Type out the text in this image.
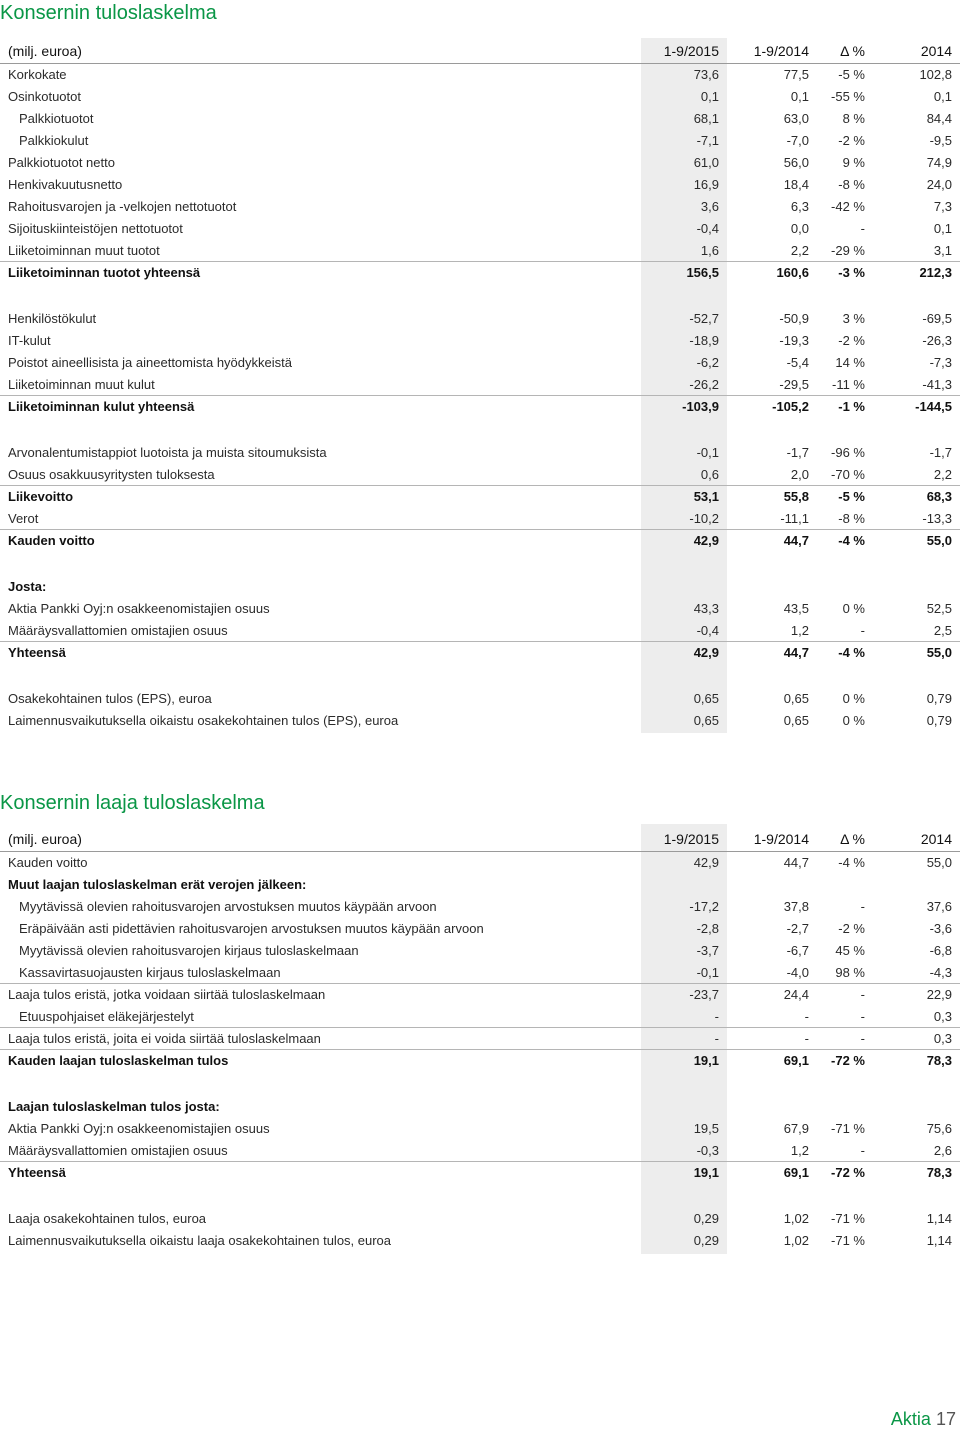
Konsernin tuloslaskelma
(milj. euroa)	1-9/2015 1-9/2014 Δ %	2014
Korkokate	73,6	77,5 -5 %	102,8
Osinkotuotot	0,1	0,1 -55 %	0,1
Palkkiotuotot	68,1	63,0	8 %	84,4
Palkkiokulut	-7,1	-7,0 -2 %	-9,5
Palkkiotuotot netto	61,0	56,0	9 %	74,9
Henkivakuutusnetto	16,9	18,4 -8 %	24,0
Rahoitusvarojen ja -velkojen nettotuotot	3,6	6,3 -42 %	7,3
Sijoituskiinteistöjen nettotuotot	-0,4	0,0	-	0,1
Liiketoiminnan muut tuotot	1,6	2,2 -29 %	3,1
Liiketoiminnan tuotot yhteensä	156,5	160,6 -3 %	212,3
Henkilöstökulut	-52,7	-50,9	3 %	-69,5
IT-kulut	-18,9	-19,3 -2 %	-26,3
Poistot aineellisista ja aineettomista hyödykkeistä	-6,2	-5,4 14 %	-7,3
Liiketoiminnan muut kulut	-26,2	-29,5 -11 %	-41,3
Liiketoiminnan kulut yhteensä	-103,9	-105,2 -1 %	-144,5
Arvonalentumistappiot luotoista ja muista sitoumuksista	-0,1	-1,7 -96 %	-1,7
Osuus osakkuusyritysten tuloksesta	0,6	2,0 -70 %	2,2
Liikevoitto	53,1	55,8 -5 %	68,3
Verot	-10,2	-11,1 -8 %	-13,3
Kauden voitto	42,9	44,7 -4 %	55,0
Josta:
Aktia Pankki Oyj:n osakkeenomistajien osuus	43,3	43,5	0 %	52,5
Määräysvallattomien omistajien osuus	-0,4	1,2	-	2,5
Yhteensä	42,9	44,7 -4 %	55,0
Osakekohtainen tulos (EPS), euroa	0,65	0,65	0 %	0,79
Laimennusvaikutuksella oikaistu osakekohtainen tulos (EPS), euroa	0,65	0,65	0 %	0,79
Konsernin laaja tuloslaskelma
(milj. euroa)	1-9/2015 1-9/2014 Δ %	2014
Kauden voitto	42,9	44,7 -4 %	55,0
Muut laajan tuloslaskelman erät verojen jälkeen:
Myytävissä olevien rahoitusvarojen arvostuksen muutos käypään arvoon	-17,2	37,8	-	37,6
Eräpäivään asti pidettävien rahoitusvarojen arvostuksen muutos käypään arvoon	-2,8	-2,7 -2 %	-3,6
Myytävissä olevien rahoitusvarojen kirjaus tuloslaskelmaan	-3,7	-6,7 45 %	-6,8
Kassavirtasuojausten kirjaus tuloslaskelmaan	-0,1	-4,0 98 %	-4,3
Laaja tulos eristä, jotka voidaan siirtää tuloslaskelmaan	-23,7	24,4	-	22,9
Etuuspohjaiset eläkejärjestelyt	-	-	-	0,3
Laaja tulos eristä, joita ei voida siirtää tuloslaskelmaan	-	-	-	0,3
Kauden laajan tuloslaskelman tulos	19,1	69,1 -72 %	78,3
Laajan tuloslaskelman tulos josta:
Aktia Pankki Oyj:n osakkeenomistajien osuus	19,5	67,9 -71 %	75,6
Määräysvallattomien omistajien osuus	-0,3	1,2	-	2,6
Yhteensä	19,1	69,1 -72 %	78,3
Laaja osakekohtainen tulos, euroa	0,29	1,02 -71 %	1,14
Laimennusvaikutuksella oikaistu laaja osakekohtainen tulos, euroa	0,29	1,02 -71 %	1,14
Aktia 17
